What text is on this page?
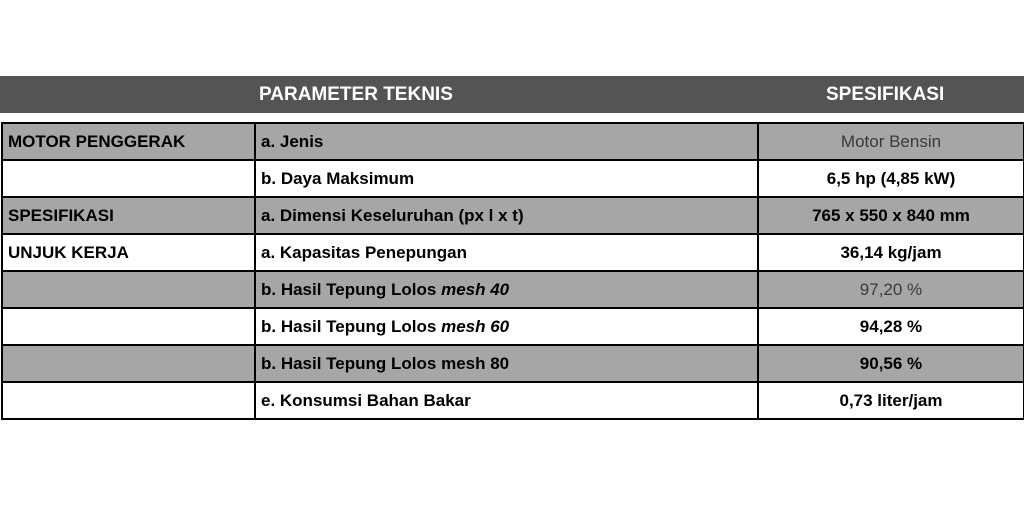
PARAMETER TEKNIS	SPESIFIKASI
MOTOR PENGGERAK	a. Jenis	Motor Bensin
	b. Daya Maksimum	6,5 hp (4,85 kW)
SPESIFIKASI	a. Dimensi Keseluruhan (px l x t)	765 x 550 x 840 mm
UNJUK KERJA	a. Kapasitas Penepungan	36,14 kg/jam
	b. Hasil Tepung Lolos mesh 40	97,20 %
	b. Hasil Tepung Lolos mesh 60	94,28 %
	b. Hasil Tepung Lolos mesh 80	90,56 %
	e. Konsumsi Bahan Bakar	0,73 liter/jam
